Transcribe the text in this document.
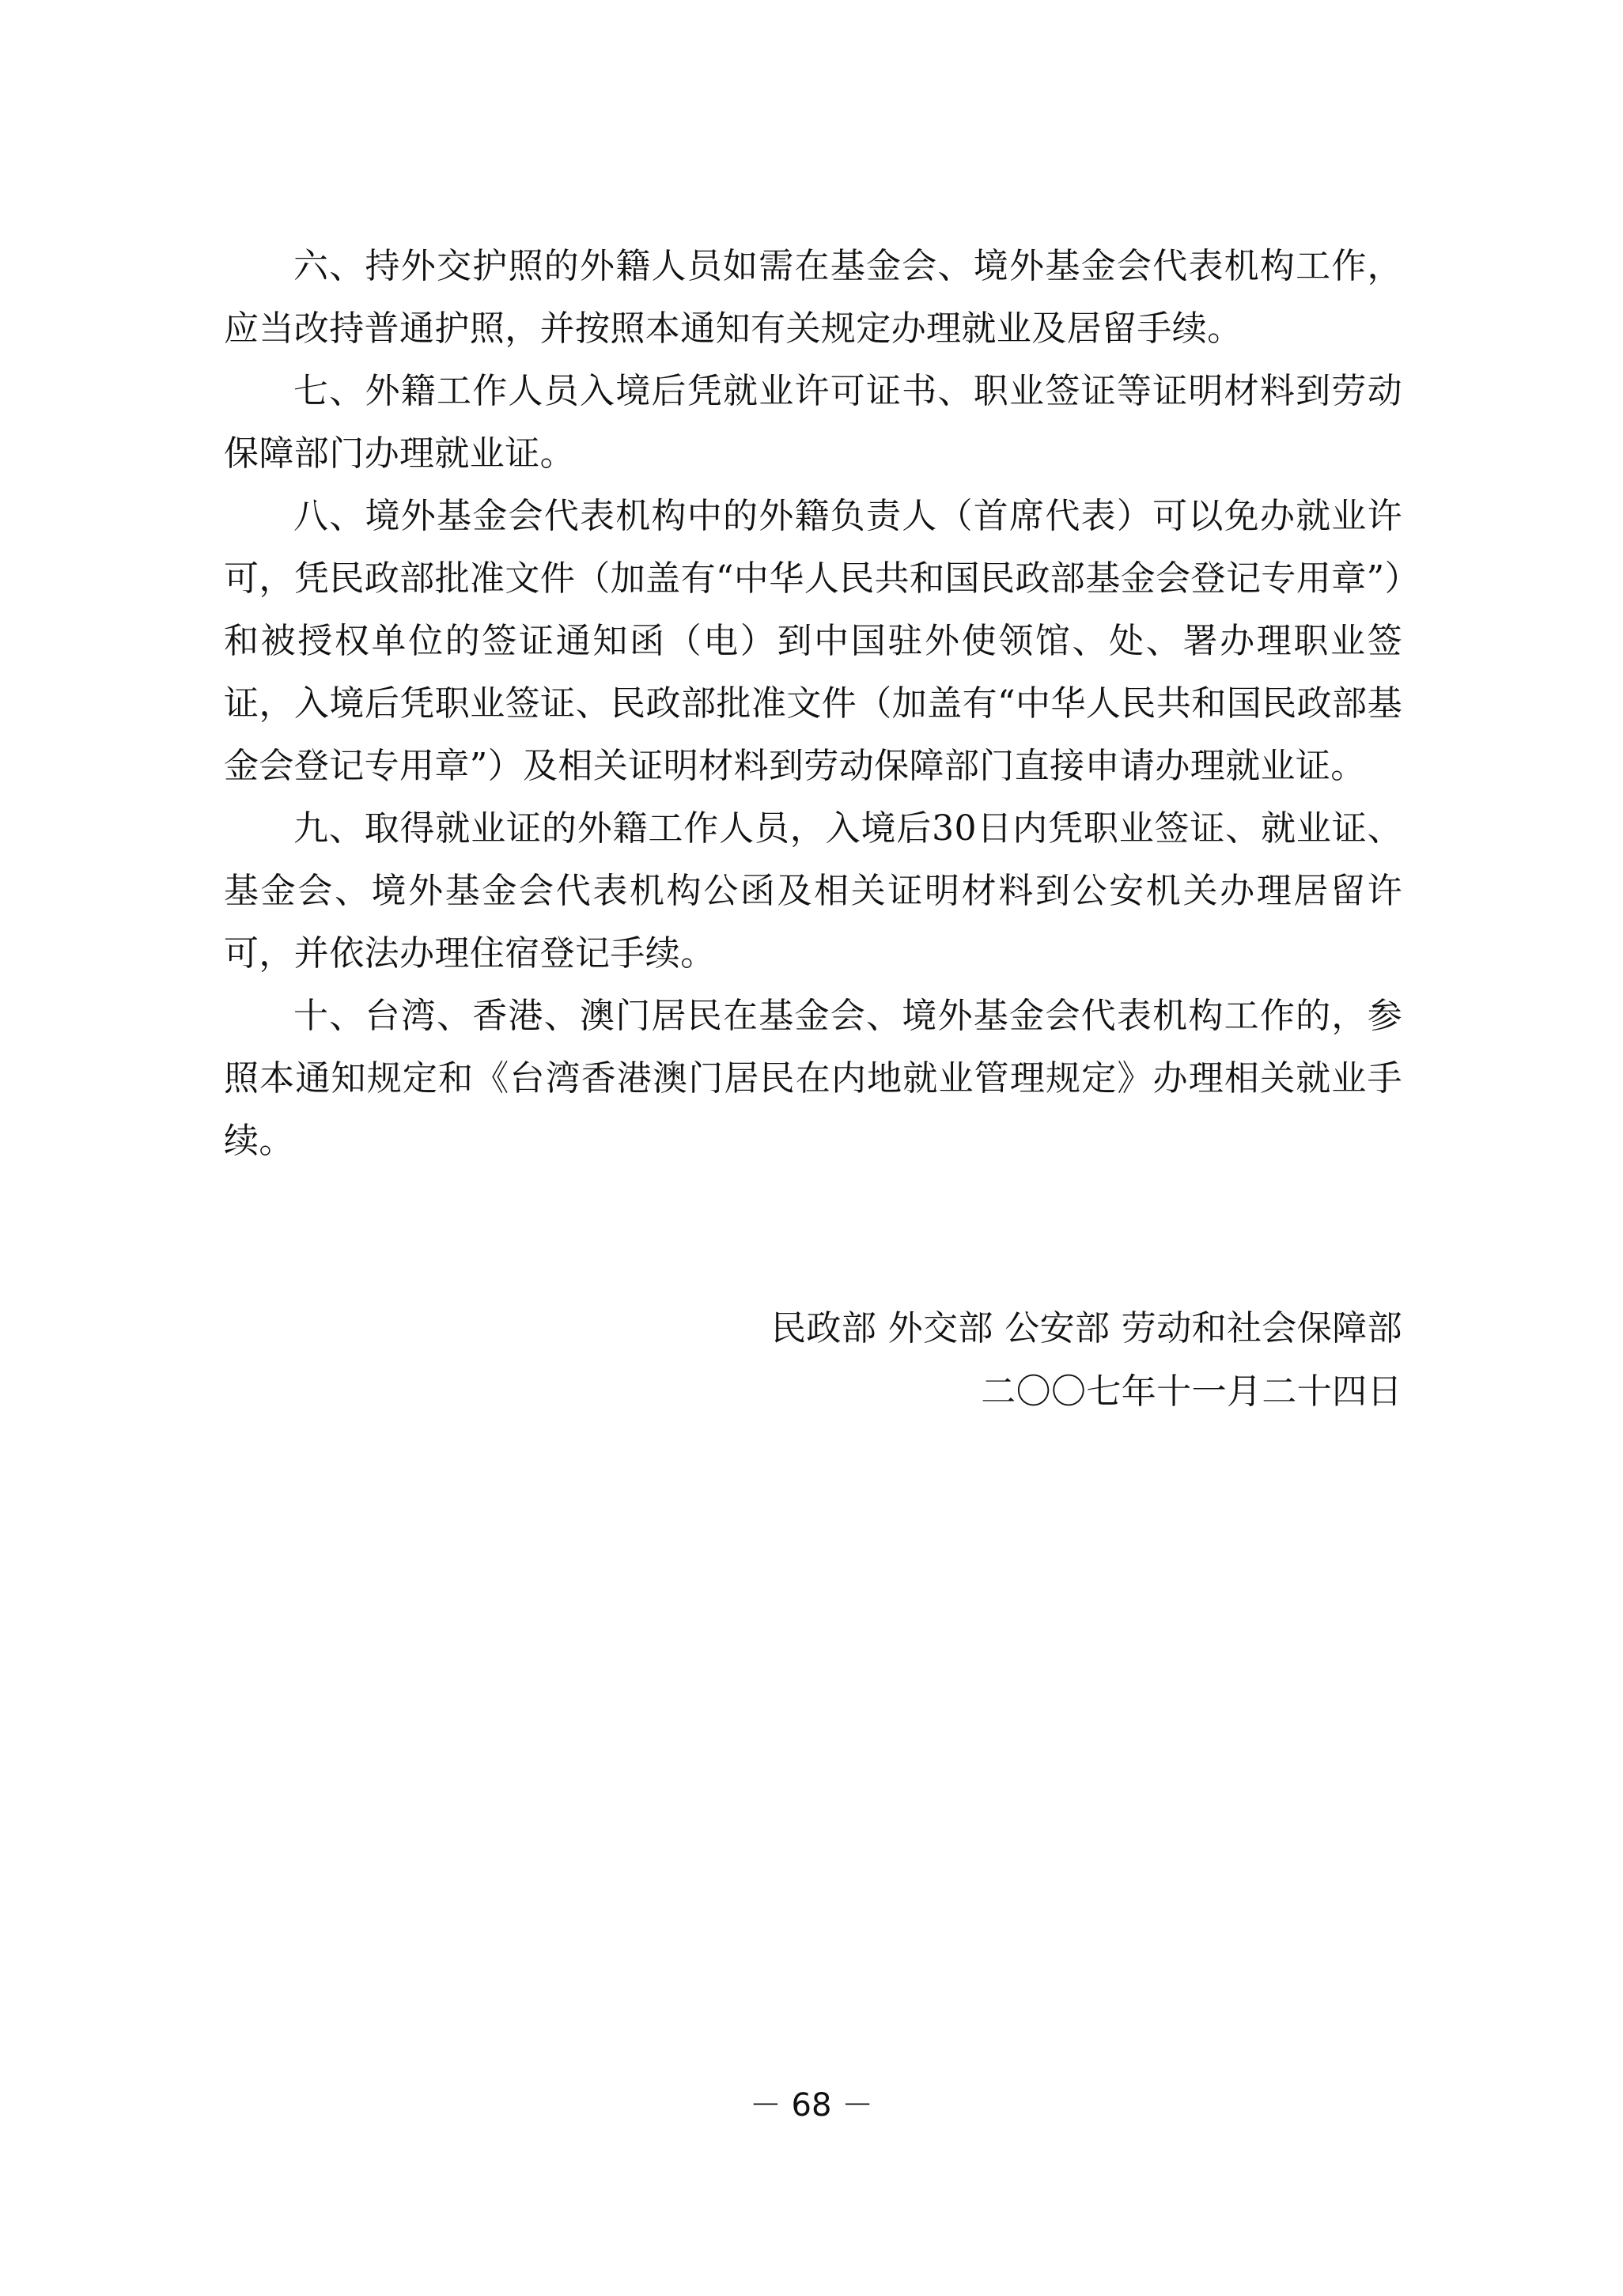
六、持外交护照的外籍人员如需在基金会、境外基金会代表机构工作，应当改持普通护照，并按照本通知有关规定办理就业及居留手续。

七、外籍工作人员入境后凭就业许可证书、职业签证等证明材料到劳动保障部门办理就业证。

八、境外基金会代表机构中的外籍负责人（首席代表）可以免办就业许可，凭民政部批准文件（加盖有“中华人民共和国民政部基金会登记专用章”）和被授权单位的签证通知函（电）到中国驻外使领馆、处、署办理职业签证，入境后凭职业签证、民政部批准文件（加盖有“中华人民共和国民政部基金会登记专用章”）及相关证明材料到劳动保障部门直接申请办理就业证。

九、取得就业证的外籍工作人员，入境后30日内凭职业签证、就业证、基金会、境外基金会代表机构公函及相关证明材料到公安机关办理居留许可，并依法办理住宿登记手续。

十、台湾、香港、澳门居民在基金会、境外基金会代表机构工作的，参照本通知规定和《台湾香港澳门居民在内地就业管理规定》办理相关就业手续。

民政部 外交部 公安部 劳动和社会保障部

二〇〇七年十一月二十四日

－ 68 －
